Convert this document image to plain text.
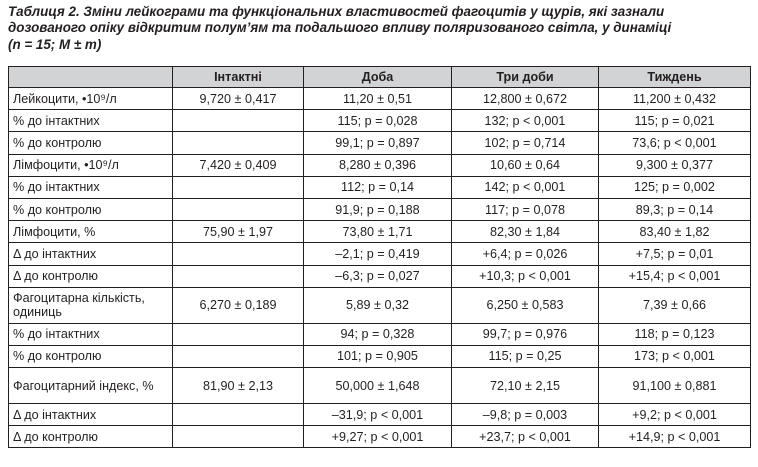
Таблиця 2. Зміни лейкограми та функціональних властивостей фагоцитів у щурів, які зазнали
дозованого опіку відкритим полум’ям та подальшого впливу поляризованого світла, у динаміці
(n = 15; M ± m)
	Інтактні	Доба	Три доби	Тиждень
Лейкоцити, •10⁹/л	9,720 ± 0,417	11,20 ± 0,51	12,800 ± 0,672	11,200 ± 0,432
% до інтактних		115; p = 0,028	132; p < 0,001	115; p = 0,021
% до контролю		99,1; p = 0,897	102; p = 0,714	73,6; p < 0,001
Лімфоцити, •10⁹/л	7,420 ± 0,409	8,280 ± 0,396	10,60 ± 0,64	9,300 ± 0,377
% до інтактних		112; p = 0,14	142; p < 0,001	125; p = 0,002
% до контролю		91,9; p = 0,188	117; p = 0,078	89,3; p = 0,14
Лімфоцити, %	75,90 ± 1,97	73,80 ± 1,71	82,30 ± 1,84	83,40 ± 1,82
Δ до інтактних		–2,1; p = 0,419	+6,4; p = 0,026	+7,5; p = 0,01
Δ до контролю		–6,3; p = 0,027	+10,3; p < 0,001	+15,4; p < 0,001
Фагоцитарна кількість, одиниць	6,270 ± 0,189	5,89 ± 0,32	6,250 ± 0,583	7,39 ± 0,66
% до інтактних		94; p = 0,328	99,7; p = 0,976	118; p = 0,123
% до контролю		101; p = 0,905	115; p = 0,25	173; p < 0,001
Фагоцитарний індекс, %	81,90 ± 2,13	50,000 ± 1,648	72,10 ± 2,15	91,100 ± 0,881
Δ до інтактних		–31,9; p < 0,001	–9,8; p = 0,003	+9,2; p < 0,001
Δ до контролю		+9,27; p < 0,001	+23,7; p < 0,001	+14,9; p < 0,001
